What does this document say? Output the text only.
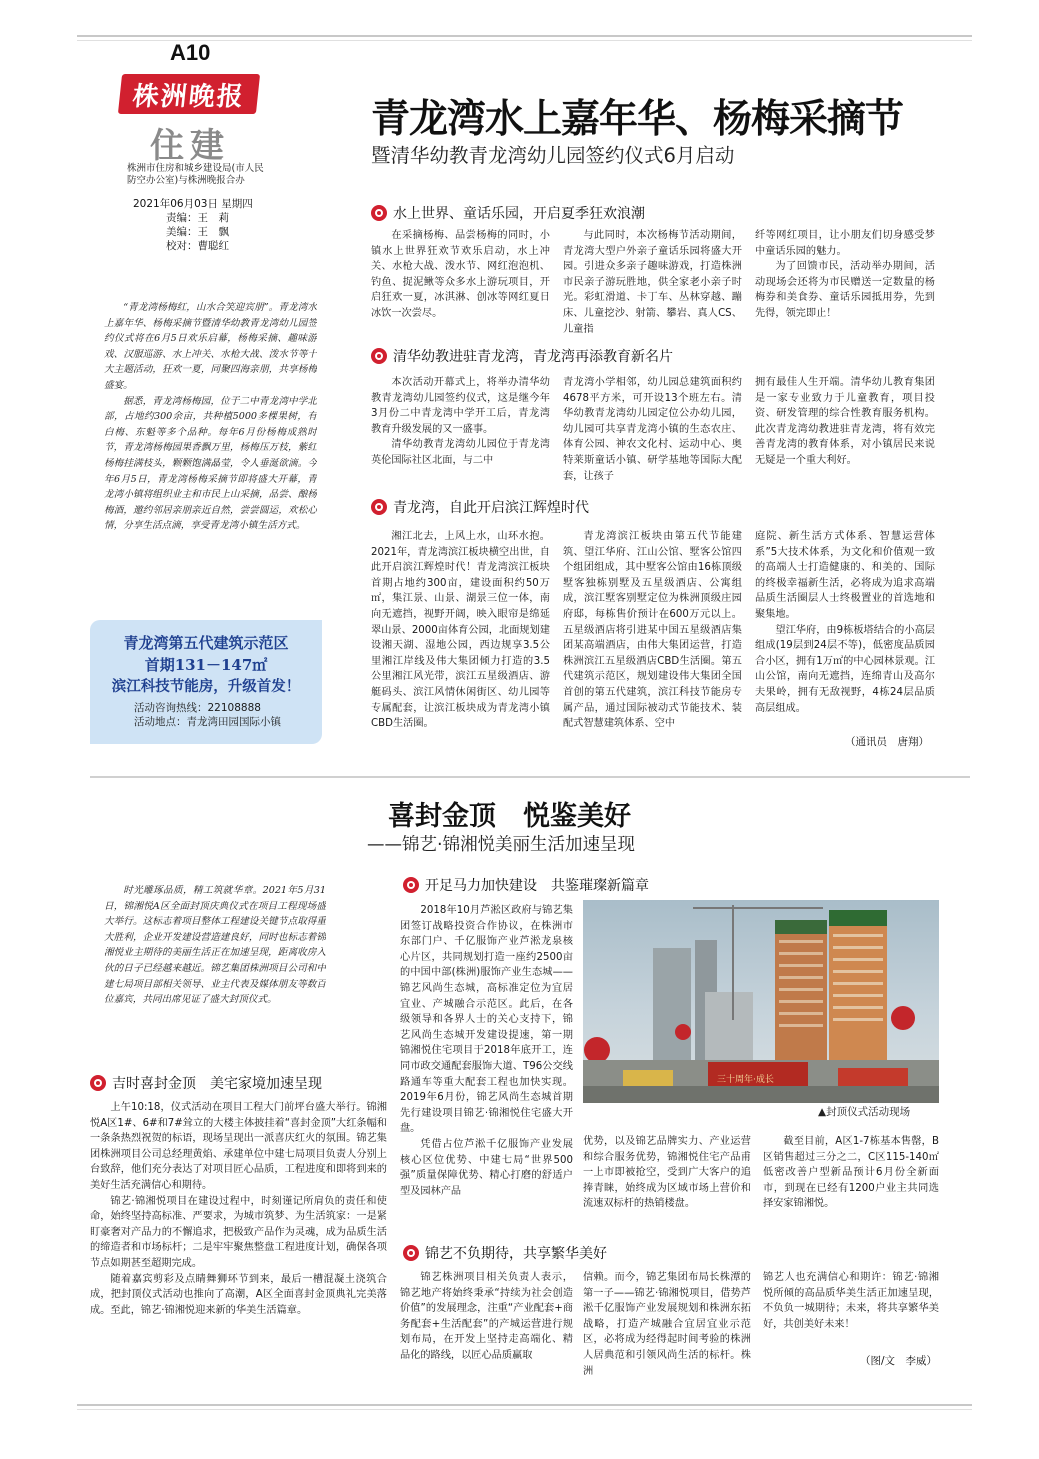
A10
株洲晚报
住建
株洲市住房和城乡建设局(市人民防空办公室)与株洲晚报合办
2021年06月03日 星期四
责编：王　莉
美编：王　飘
校对：曹聪红
青龙湾水上嘉年华、杨梅采摘节
暨清华幼教青龙湾幼儿园签约仪式6月启动

“青龙湾杨梅红，山水合笑迎宾朋”。青龙湾水上嘉年华、杨梅采摘节暨清华幼教青龙湾幼儿园签约仪式将在6月5日欢乐启幕，杨梅采摘、趣味游戏、汉服巡游、水上冲关、水枪大战、泼水节等十大主题活动，狂欢一夏，同聚四海亲朋，共享杨梅盛宴。

据悉，青龙湾杨梅园，位于二中青龙湾中学北部，占地约300余亩，共种植5000多棵果树，有白梅、东魁等多个品种。每年6月份杨梅成熟时节，青龙湾杨梅园果香飘万里，杨梅压万枝，紫红杨梅挂满枝头，颗颗饱满晶莹，令人垂涎欲滴。今年6月5日，青龙湾杨梅采摘节即将盛大开幕，青龙湾小镇将组织业主和市民上山采摘，品尝、酿杨梅酒，邀约邻居亲朋亲近自然，尝尝圆运，欢松心情，分享生活点滴，享受青龙湾小镇生活方式。

青龙湾第五代建筑示范区
首期131－147㎡
滨江科技节能房，升级首发！
活动咨询热线：22108888
活动地点：青龙湾田园国际小镇
水上世界、童话乐园，开启夏季狂欢浪潮

在采摘杨梅、品尝杨梅的同时，小镇水上世界狂欢节欢乐启动，水上冲关、水枪大战、泼水节、网红泡泡机、钓鱼、捉泥鳅等众多水上游玩项目，开启狂欢一夏，冰淇淋、创冰等网红夏日冰饮一次尝尽。

与此同时，本次杨梅节活动期间，青龙湾大型户外亲子童话乐园将盛大开园。引进众多亲子趣味游戏，打造株洲市民亲子游玩胜地，供全家老小亲子时光。彩虹滑道、卡丁车、丛林穿越、蹦床、儿童挖沙、射箭、攀岩、真人CS、儿童指

纤等网红项目，让小朋友们切身感受梦中童话乐园的魅力。

为了回馈市民，活动举办期间，活动现场会还将为市民赠送一定数量的杨梅券和美食券、童话乐园抵用券，先到先得，领完即止！

清华幼教进驻青龙湾，青龙湾再添教育新名片

本次活动开幕式上，将举办清华幼教青龙湾幼儿园签约仪式，这是继今年3月份二中青龙湾中学开工后，青龙湾教育升级发展的又一盛事。

清华幼教青龙湾幼儿园位于青龙湾英伦国际社区北面，与二中

青龙湾小学相邻，幼儿园总建筑面积约4678平方米，可开设13个班左右。清华幼教青龙湾幼儿园定位公办幼儿园，幼儿园可共享青龙湾小镇的生态农庄、体育公园、神农文化村、运动中心、奥特莱斯童话小镇、研学基地等国际大配套，让孩子

拥有最佳人生开端。清华幼儿教育集团是一家专业致力于儿童教育，项目投资、研发管理的综合性教育服务机构。此次青龙湾幼教进驻青龙湾，将有效完善青龙湾的教育体系，对小镇居民来说无疑是一个重大利好。

青龙湾，自此开启滨江辉煌时代

湘江北去，上风上水，山环水抱。2021年，青龙湾滨江板块横空出世，自此开启滨江辉煌时代！青龙湾滨江板块首期占地约300亩，建设面积约50万㎡，集江景、山景、湖景三位一体，南向无遮挡，视野开阔，映入眼帘是绵延翠山景、2000亩体育公园，北面规划建设湘天湖、湿地公园，西边规享3.5公里湘江岸线及伟大集团倾力打造的3.5公里湘江风光带，滨江五星级酒店、游艇码头、滨江风情休闲街区、幼儿园等专属配套，让滨江板块成为青龙湾小镇CBD生活圈。

青龙湾滨江板块由第五代节能建筑、望江华府、江山公馆、墅客公馆四个组团组成，其中墅客公馆由16栋顶级墅客独栋别墅及五星级酒店、公寓组成，滨江墅客别墅定位为株洲顶级庄园府邸，每栋售价预计在600万元以上。五星级酒店将引进某中国五星级酒店集团某高端酒店，由伟大集团运营，打造株洲滨江五星级酒店CBD生活圈。第五代建筑示范区，规划建设伟大集团全国首创的第五代建筑，滨江科技节能房专属产品，通过国际被动式节能技术、装配式智慧建筑体系、空中

庭院、新生活方式体系、智慧运营体系”5大技术体系，为文化和价值观一致的高端人士打造健康的、和美的、国际的终极幸福新生活，必将成为追求高端品质生活圈层人士终极置业的首选地和聚集地。

望江华府，由9栋板塔结合的小高层组成(19层到24层不等)，低密度品质园合小区，拥有1万㎡的中心园林景观。江山公馆，南向无遮挡，连绵青山及高尔夫果岭，拥有无敌视野，4栋24层品质高层组成。

（通讯员　唐翔）
喜封金顶　悦鉴美好
——锦艺·锦湘悦美丽生活加速呈现

时光雕琢品质，精工筑就华章。2021年5月31日，锦湘悦A区全面封顶庆典仪式在项目工程现场盛大举行。这标志着项目整体工程建设关键节点取得重大胜利，企业开发建设营造建良好，同时也标志着锦湘悦业主期待的美丽生活正在加速呈现，距离收房入伙的日子已经越来越近。锦艺集团株洲项目公司和中建七局项目部相关领导、业主代表及媒体朋友等数百位嘉宾，共同出席见证了盛大封顶仪式。

开足马力加快建设　共鉴璀璨新篇章

2018年10月芦淞区政府与锦艺集团签订战略投资合作协议，在株洲市东部门户、千亿服饰产业芦淞龙泉核心片区，共同规划打造一座约2500亩的中国中部(株洲)服饰产业生态城——锦艺风尚生态城，高标准定位为宜居宜业、产城融合示范区。此后，在各级领导和各界人士的关心支持下，锦艺风尚生态城开发建设提速，第一期锦湘悦住宅项目于2018年底开工，连同市政交通配套服饰大道、T96公交线路通车等重大配套工程也加快实现。2019年6月份，锦艺风尚生态城首期先行建设项目锦艺·锦湘悦住宅盛大开盘。

凭借占位芦淞千亿服饰产业发展核心区位优势、中建七局“世界500强”质量保障优势、精心打磨的舒适户型及园林产品

三十周年·成长
▲封顶仪式活动现场

优势，以及锦艺品牌实力、产业运营和综合服务优势，锦湘悦住宅产品甫一上市即被抢空，受到广大客户的追捧青睐，始终成为区域市场上营价和流速双标杆的热销楼盘。

截至目前，A区1-7栋基本售罄，B区销售超过三分之二，C区115-140㎡低密改善户型新品预计6月份全新面市，到现在已经有1200户业主共同选择安家锦湘悦。

吉时喜封金顶　美宅家境加速呈现

上午10:18，仪式活动在项目工程大门前坪台盛大举行。锦湘悦A区1#、6#和7#耸立的大楼主体披挂着“喜封金顶”大红条幅和一条条热烈祝贺的标语，现场呈现出一派喜庆红火的氛围。锦艺集团株洲项目公司总经理黄焰、承建单位中建七局项目负责人分别上台致辞，他们充分表达了对项目匠心品质，工程进度和即将到来的美好生活充满信心和期待。

锦艺·锦湘悦项目在建设过程中，时刻谨记所肩负的责任和使命，始终坚持高标准、严要求，为城市筑梦、为生活筑家：一是紧盯豪奢对产品力的不懈追求，把极致产品作为灵魂，成为品质生活的缔造者和市场标杆；二是牢牢聚焦整盘工程进度计划，确保各项节点如期甚至超期完成。

随着嘉宾剪彩及点睛舞狮环节到来，最后一槽混凝土浇筑合成，把封顶仪式活动也推向了高潮，A区全面喜封金顶典礼完美落成。至此，锦艺·锦湘悦迎来新的华美生活篇章。

锦艺不负期待，共享繁华美好

锦艺株洲项目相关负责人表示，锦艺地产将始终秉承“持续为社会创造价值”的发展理念，注重“产业配套+商务配套+生活配套”的产城运营进行规划布局，在开发上坚持走高端化、精品化的路线，以匠心品质赢取

信赖。而今，锦艺集团布局长株潭的第一子——锦艺·锦湘悦项目，借势芦淞千亿服饰产业发展规划和株洲东拓战略，打造产城融合宜居宜业示范区，必将成为经得起时间考验的株洲人居典范和引领风尚生活的标杆。株洲

锦艺人也充满信心和期许：锦艺·锦湘悦所倾的高品质华美生活正加速呈现，不负负一城期待；未来，将共享繁华美好，共创美好未来！

（图/文　李威）
